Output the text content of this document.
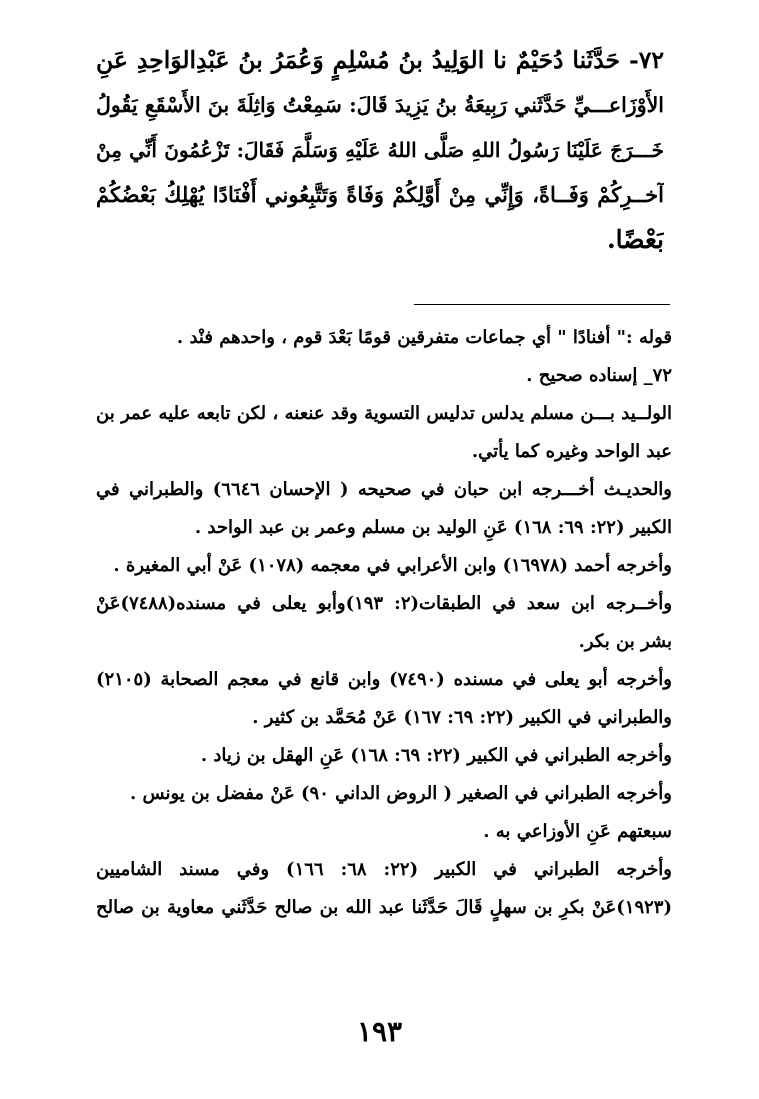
٧٢- حَدَّثَنا دُحَيْمٌ نا الوَلِيدُ بنُ مُسْلِمٍ وَعُمَرُ بنُ عَبْدِالوَاحِدِ عَنِ
الأَوْزَاعـــيِّ حَدَّثَني رَبِيعَةُ بنُ يَزِيدَ قَالَ: سَمِعْتُ وَاثِلَةَ بنَ الأَسْقَعِ يَقُولُ
خَـــرَجَ عَلَيْنَا رَسُولُ اللهِ صَلَّى اللهُ عَلَيْهِ وَسَلَّمَ فَقَالَ: تَزْعُمُونَ أَنِّي مِنْ
آخــرِكُمْ وَفَــاةً، وَإِنِّي مِنْ أَوَّلِكُمْ وَفَاةً وَتَتَّبِعُوني أَفْنَادًا يُهْلِكُ بَعْضُكُمْ
بَعْضًا.
قوله :" أفنادًا " أي جماعات متفرقين قومًا بَعْدَ قوم ، واحدهم فنْد .
٧٢_ إسناده صحيح .
الولــيد بـــن مسلم يدلس تدليس التسوية وقد عنعنه ، لكن تابعه عليه عمر بن
عبد الواحد وغيره كما يأتي.
والحديـث أخـــرجه ابن حبان في صحيحه ( الإحسان ٦٦٤٦) والطبراني في
الكبير (٢٢: ٦٩: ١٦٨) عَنِ الوليد بن مسلم وعمر بن عبد الواحد .
وأخرجه أحمد (١٦٩٧٨) وابن الأعرابي في معجمه (١٠٧٨) عَنْ أبي المغيرة .
وأخــرجه ابن سعد في الطبقات(٢: ١٩٣)وأبو يعلى في مسنده(٧٤٨٨)عَنْ
بشر بن بكر.
وأخرجه أبو يعلى في مسنده (٧٤٩٠) وابن قانع في معجم الصحابة (٢١٠٥)
والطبراني في الكبير (٢٢: ٦٩: ١٦٧) عَنْ مُحَمَّد بن كثير .
وأخرجه الطبراني في الكبير (٢٢: ٦٩: ١٦٨) عَنِ الهقل بن زياد .
وأخرجه الطبراني في الصغير ( الروض الداني ٩٠) عَنْ مفضل بن يونس .
سبعتهم عَنِ الأوزاعي به .
وأخرجه الطبراني في الكبير (٢٢: ٦٨: ١٦٦) وفي مسند الشاميين
(١٩٢٣)عَنْ بكرِ بن سهلٍ قَالَ حَدَّثَنا عبد الله بن صالح حَدَّثَني معاوية بن صالح
١٩٣
